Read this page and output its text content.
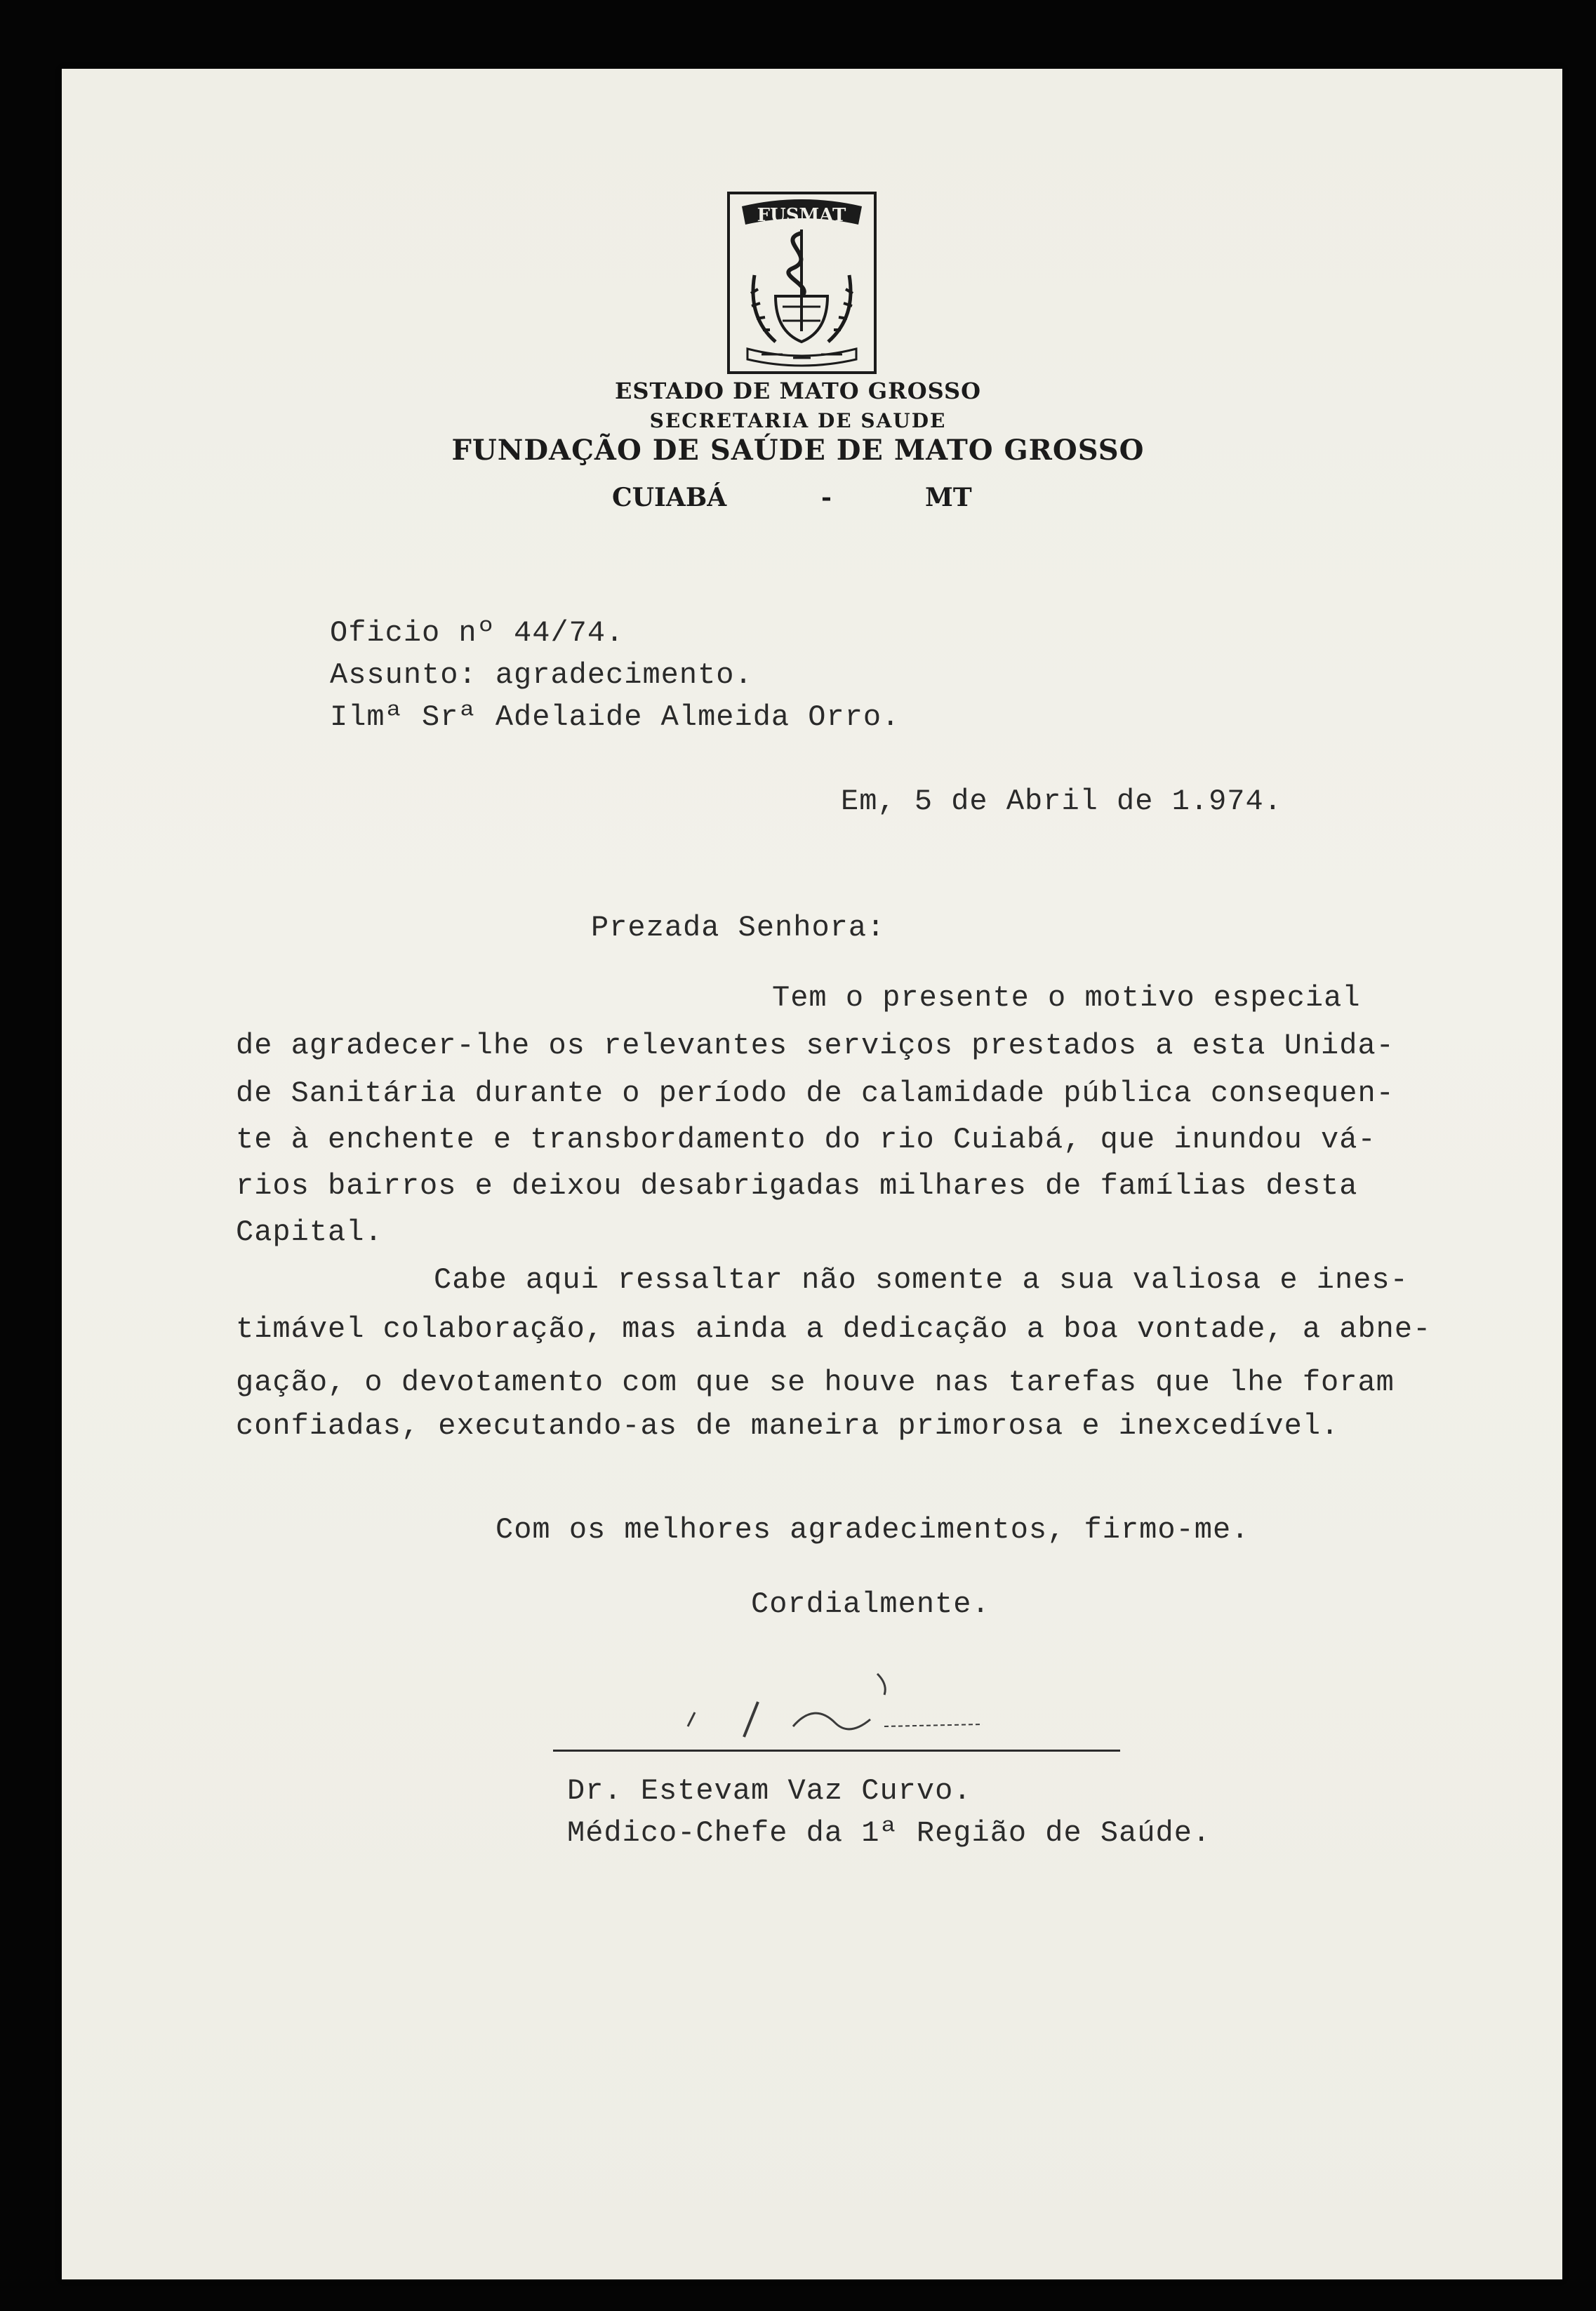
FUSMAT
ESTADO DE MATO GROSSO
SECRETARIA DE SAUDE
FUNDAÇÃO DE SAÚDE DE MATO GROSSO
CUIABÁ	-	MT
Oficio nº 44/74.
Assunto: agradecimento.
Ilmª Srª Adelaide Almeida Orro.
Em, 5 de Abril de 1.974.
Prezada Senhora:
Tem o presente o motivo especial
de agradecer-lhe os relevantes serviços prestados a esta Unida-
de Sanitária durante o período de calamidade pública consequen-
te à enchente e transbordamento do rio Cuiabá, que inundou vá-
rios bairros e deixou desabrigadas milhares de famílias desta
Capital.
Cabe aqui ressaltar não somente a sua valiosa e ines-
timável colaboração, mas ainda a dedicação a boa vontade, a abne-
gação, o devotamento com que se houve nas tarefas que lhe foram
confiadas, executando-as de maneira primorosa e inexcedível.
Com os melhores agradecimentos, firmo-me.
Cordialmente.
Dr. Estevam Vaz Curvo.
Médico-Chefe da 1ª Região de Saúde.
